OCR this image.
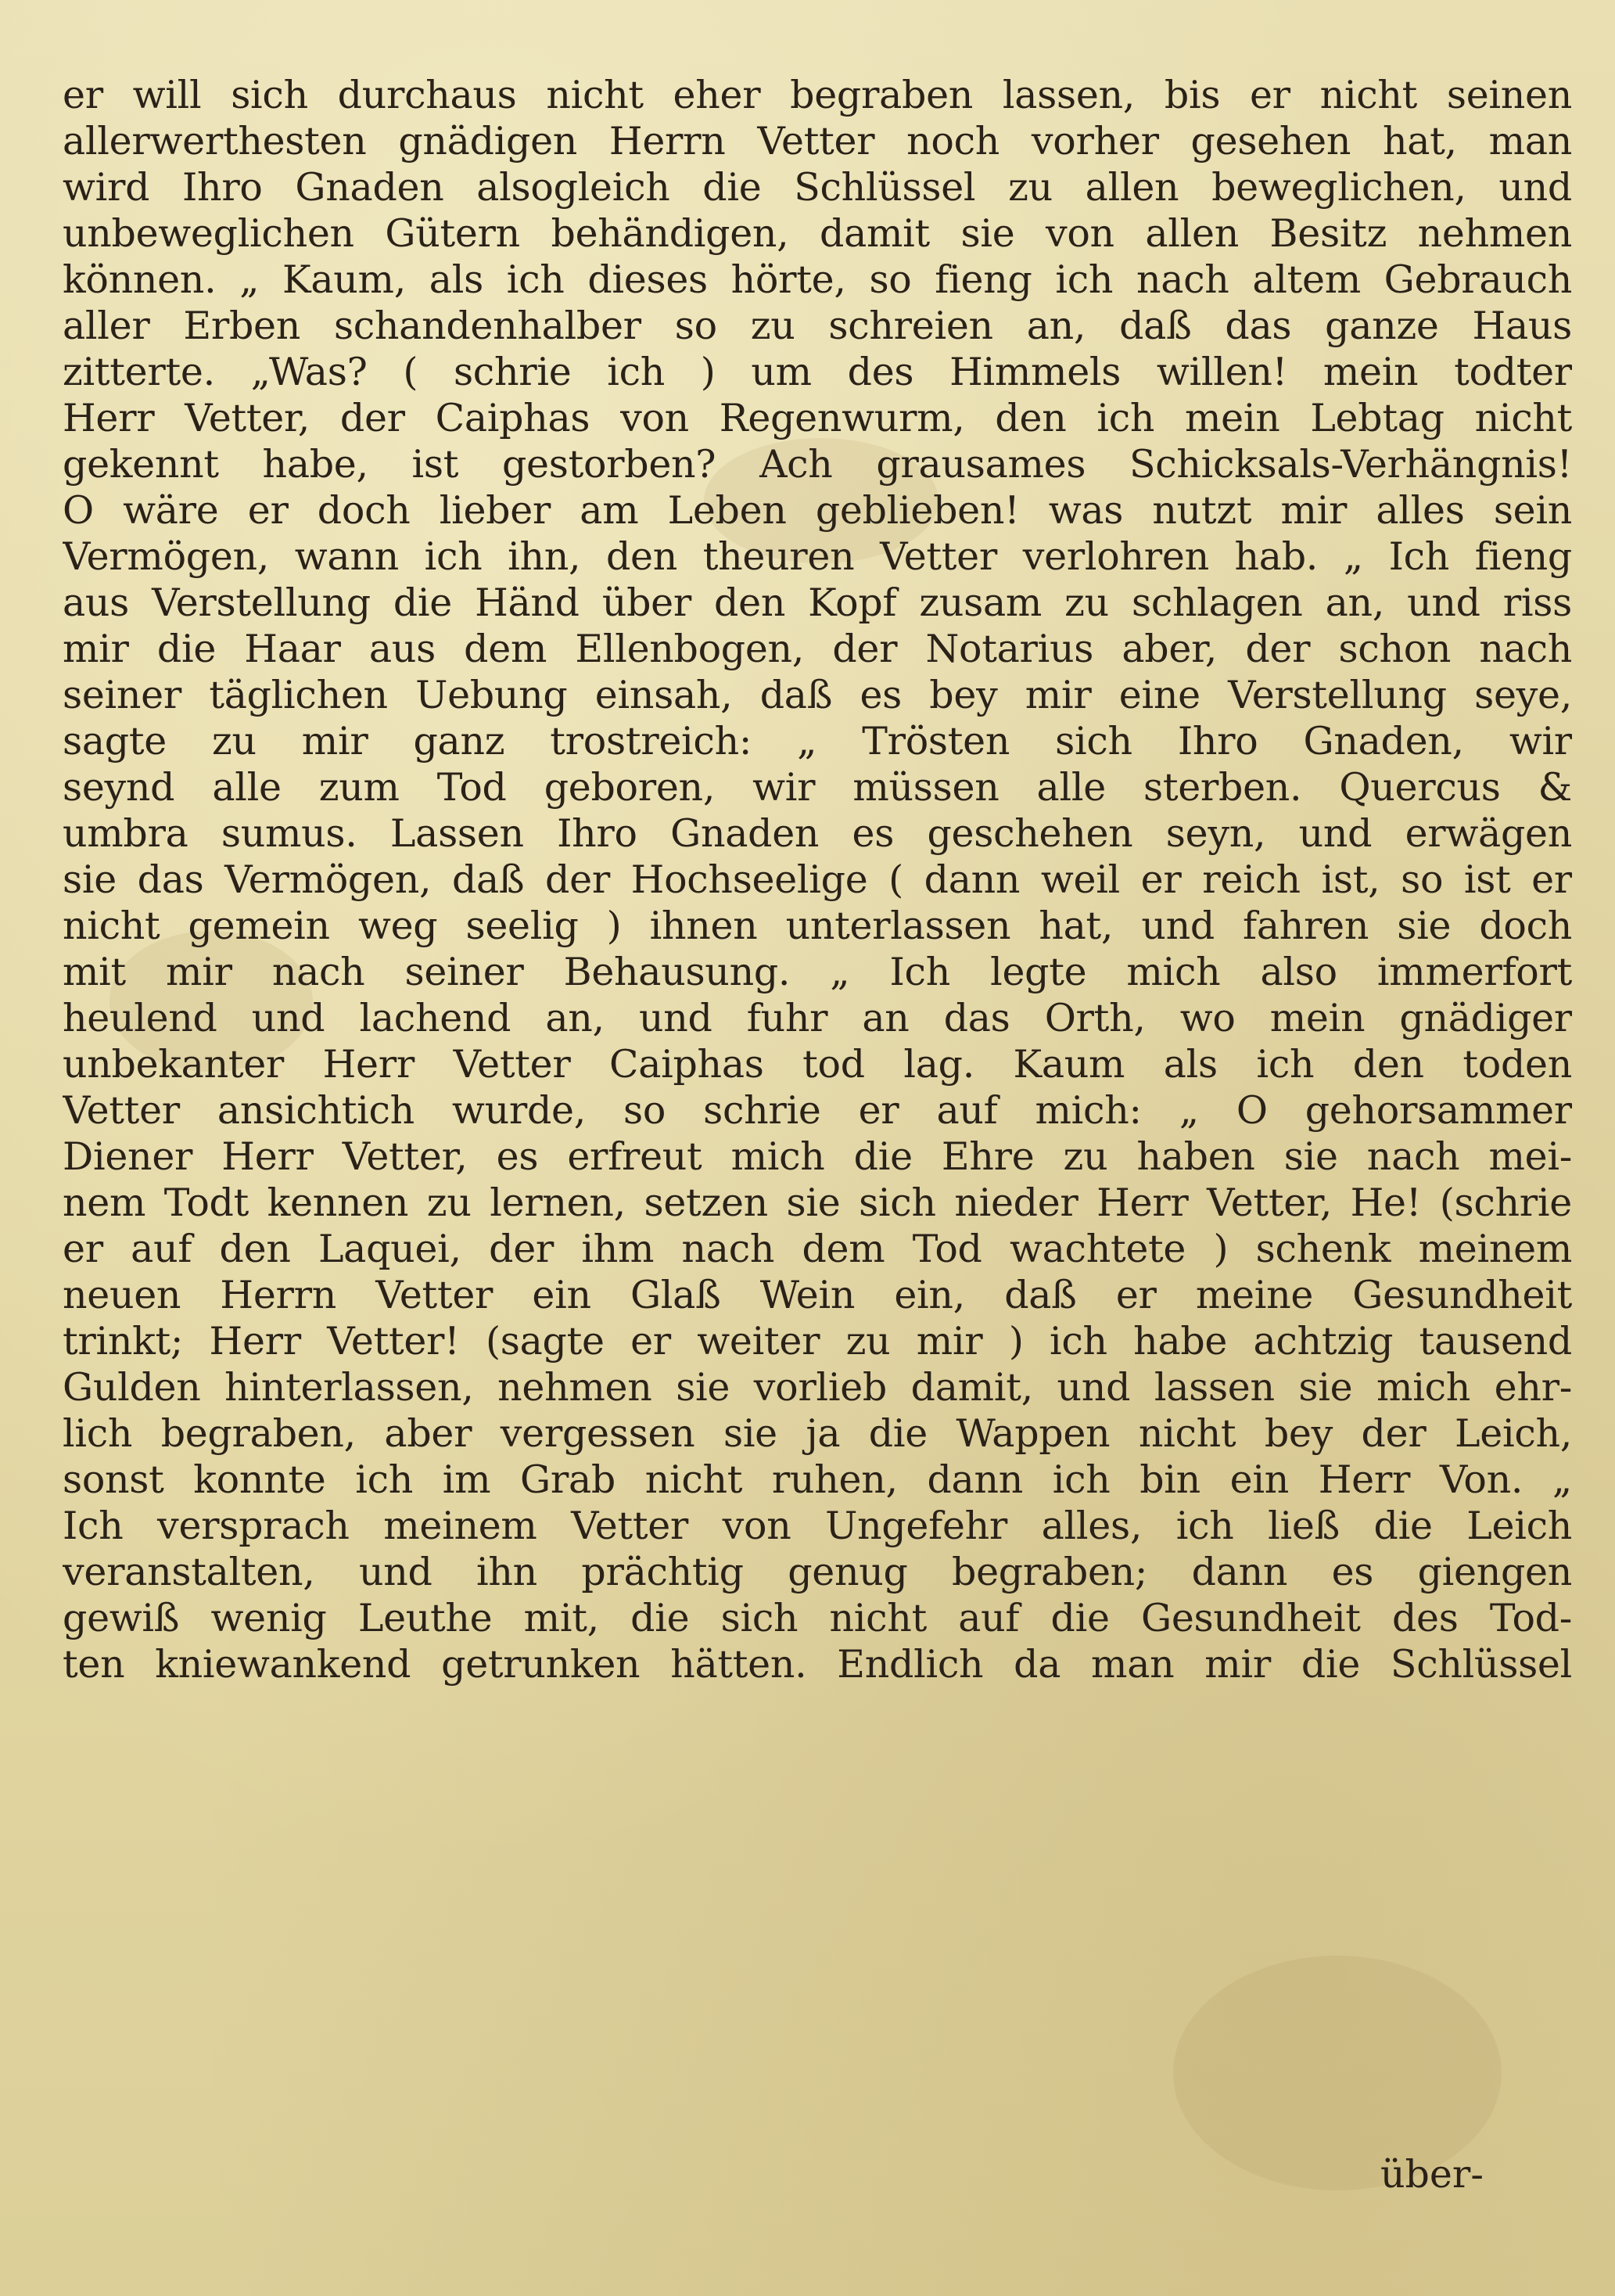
er will sich durchaus nicht eher begraben lassen, bis er nicht seinen
allerwerthesten gnädigen Herrn Vetter noch vorher gesehen hat, man
wird Ihro Gnaden alsogleich die Schlüssel zu allen beweglichen, und
unbeweglichen Gütern behändigen, damit sie von allen Besitz nehmen
können. „ Kaum, als ich dieses hörte, so fieng ich nach altem Gebrauch
aller Erben schandenhalber so zu schreien an, daß das ganze Haus
zitterte. „Was? ( schrie ich ) um des Himmels willen! mein todter
Herr Vetter, der Caiphas von Regenwurm, den ich mein Lebtag nicht
gekennt habe, ist gestorben? Ach grausames Schicksals-Verhängnis!
O wäre er doch lieber am Leben geblieben! was nutzt mir alles sein
Vermögen, wann ich ihn, den theuren Vetter verlohren hab. „ Ich fieng
aus Verstellung die Händ über den Kopf zusam zu schlagen an, und riss
mir die Haar aus dem Ellenbogen, der Notarius aber, der schon nach
seiner täglichen Uebung einsah, daß es bey mir eine Verstellung seye,
sagte zu mir ganz trostreich: „ Trösten sich Ihro Gnaden, wir
seynd alle zum Tod geboren, wir müssen alle sterben. Quercus &
umbra sumus. Lassen Ihro Gnaden es geschehen seyn, und erwägen
sie das Vermögen, daß der Hochseelige ( dann weil er reich ist, so ist er
nicht gemein weg seelig ) ihnen unterlassen hat, und fahren sie doch
mit mir nach seiner Behausung. „ Ich legte mich also immerfort
heulend und lachend an, und fuhr an das Orth, wo mein gnädiger
unbekanter Herr Vetter Caiphas tod lag. Kaum als ich den toden
Vetter ansichtich wurde, so schrie er auf mich: „ O gehorsammer
Diener Herr Vetter, es erfreut mich die Ehre zu haben sie nach mei-
nem Todt kennen zu lernen, setzen sie sich nieder Herr Vetter, He! (schrie
er auf den Laquei, der ihm nach dem Tod wachtete ) schenk meinem
neuen Herrn Vetter ein Glaß Wein ein, daß er meine Gesundheit
trinkt; Herr Vetter! (sagte er weiter zu mir ) ich habe achtzig tausend
Gulden hinterlassen, nehmen sie vorlieb damit, und lassen sie mich ehr-
lich begraben, aber vergessen sie ja die Wappen nicht bey der Leich,
sonst konnte ich im Grab nicht ruhen, dann ich bin ein Herr Von. „
Ich versprach meinem Vetter von Ungefehr alles, ich ließ die Leich
veranstalten, und ihn prächtig genug begraben; dann es giengen
gewiß wenig Leuthe mit, die sich nicht auf die Gesundheit des Tod-
ten kniewankend getrunken hätten. Endlich da man mir die Schlüssel
über-
